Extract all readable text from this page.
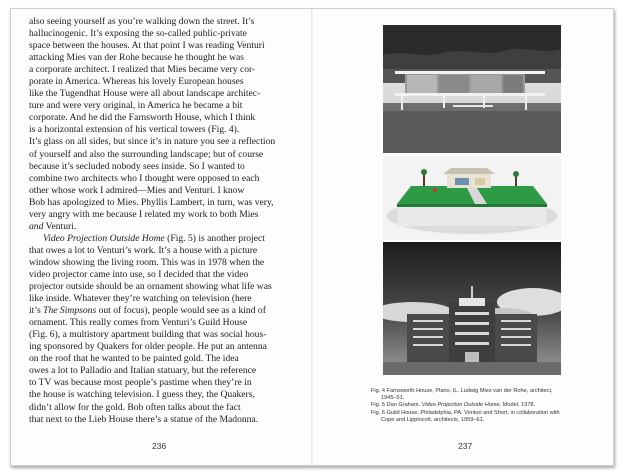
also seeing yourself as you’re walking down the street. It’s
hallucinogenic. It’s exposing the so-called public-private
space between the houses. At that point I was reading Venturi
attacking Mies van der Rohe because he thought he was
a corporate architect. I realized that Mies became very cor-
porate in America. Whereas his lovely European houses
like the Tugendhat House were all about landscape architec-
ture and were very original, in America he became a bit
corporate. And he did the Farnsworth House, which I think
is a horizontal extension of his vertical towers (Fig. 4).
It’s glass on all sides, but since it’s in nature you see a reflection
of yourself and also the surrounding landscape; but of course
because it’s secluded nobody sees inside. So I wanted to
combine two architects who I thought were opposed to each
other whose work I admired—Mies and Venturi. I know
Bob has apologized to Mies. Phyllis Lambert, in turn, was very,
very angry with me because I related my work to both Mies
and Venturi.
Video Projection Outside Home (Fig. 5) is another project
that owes a lot to Venturi’s work. It’s a house with a picture
window showing the living room. This was in 1978 when the
video projector came into use, so I decided that the video
projector outside should be an ornament showing what life was
like inside. Whatever they’re watching on television (here
it’s The Simpsons out of focus), people would see as a kind of
ornament. This really comes from Venturi’s Guild House
(Fig. 6), a multistory apartment building that was social hous-
ing sponsored by Quakers for older people. He put an antenna
on the roof that he wanted to be painted gold. The idea
owes a lot to Palladio and Italian statuary, but the reference
to TV was because most people’s pastime when they’re in
the house is watching television. I guess they, the Quakers,
didn’t allow for the gold. Bob often talks about the fact
that next to the Lieb House there’s a statue of the Madonna.
236
Fig. 4 Farnsworth House, Plano, IL. Ludwig Mies van der Rohe, architect,
1945–51.
Fig. 5 Dan Graham. Video Projection Outside Home. Model, 1978.
Fig. 6 Guild House, Philadelphia, PA. Venturi and Short, in collaboration with
Cope and Lippincott, architects, 1959–61.
237
